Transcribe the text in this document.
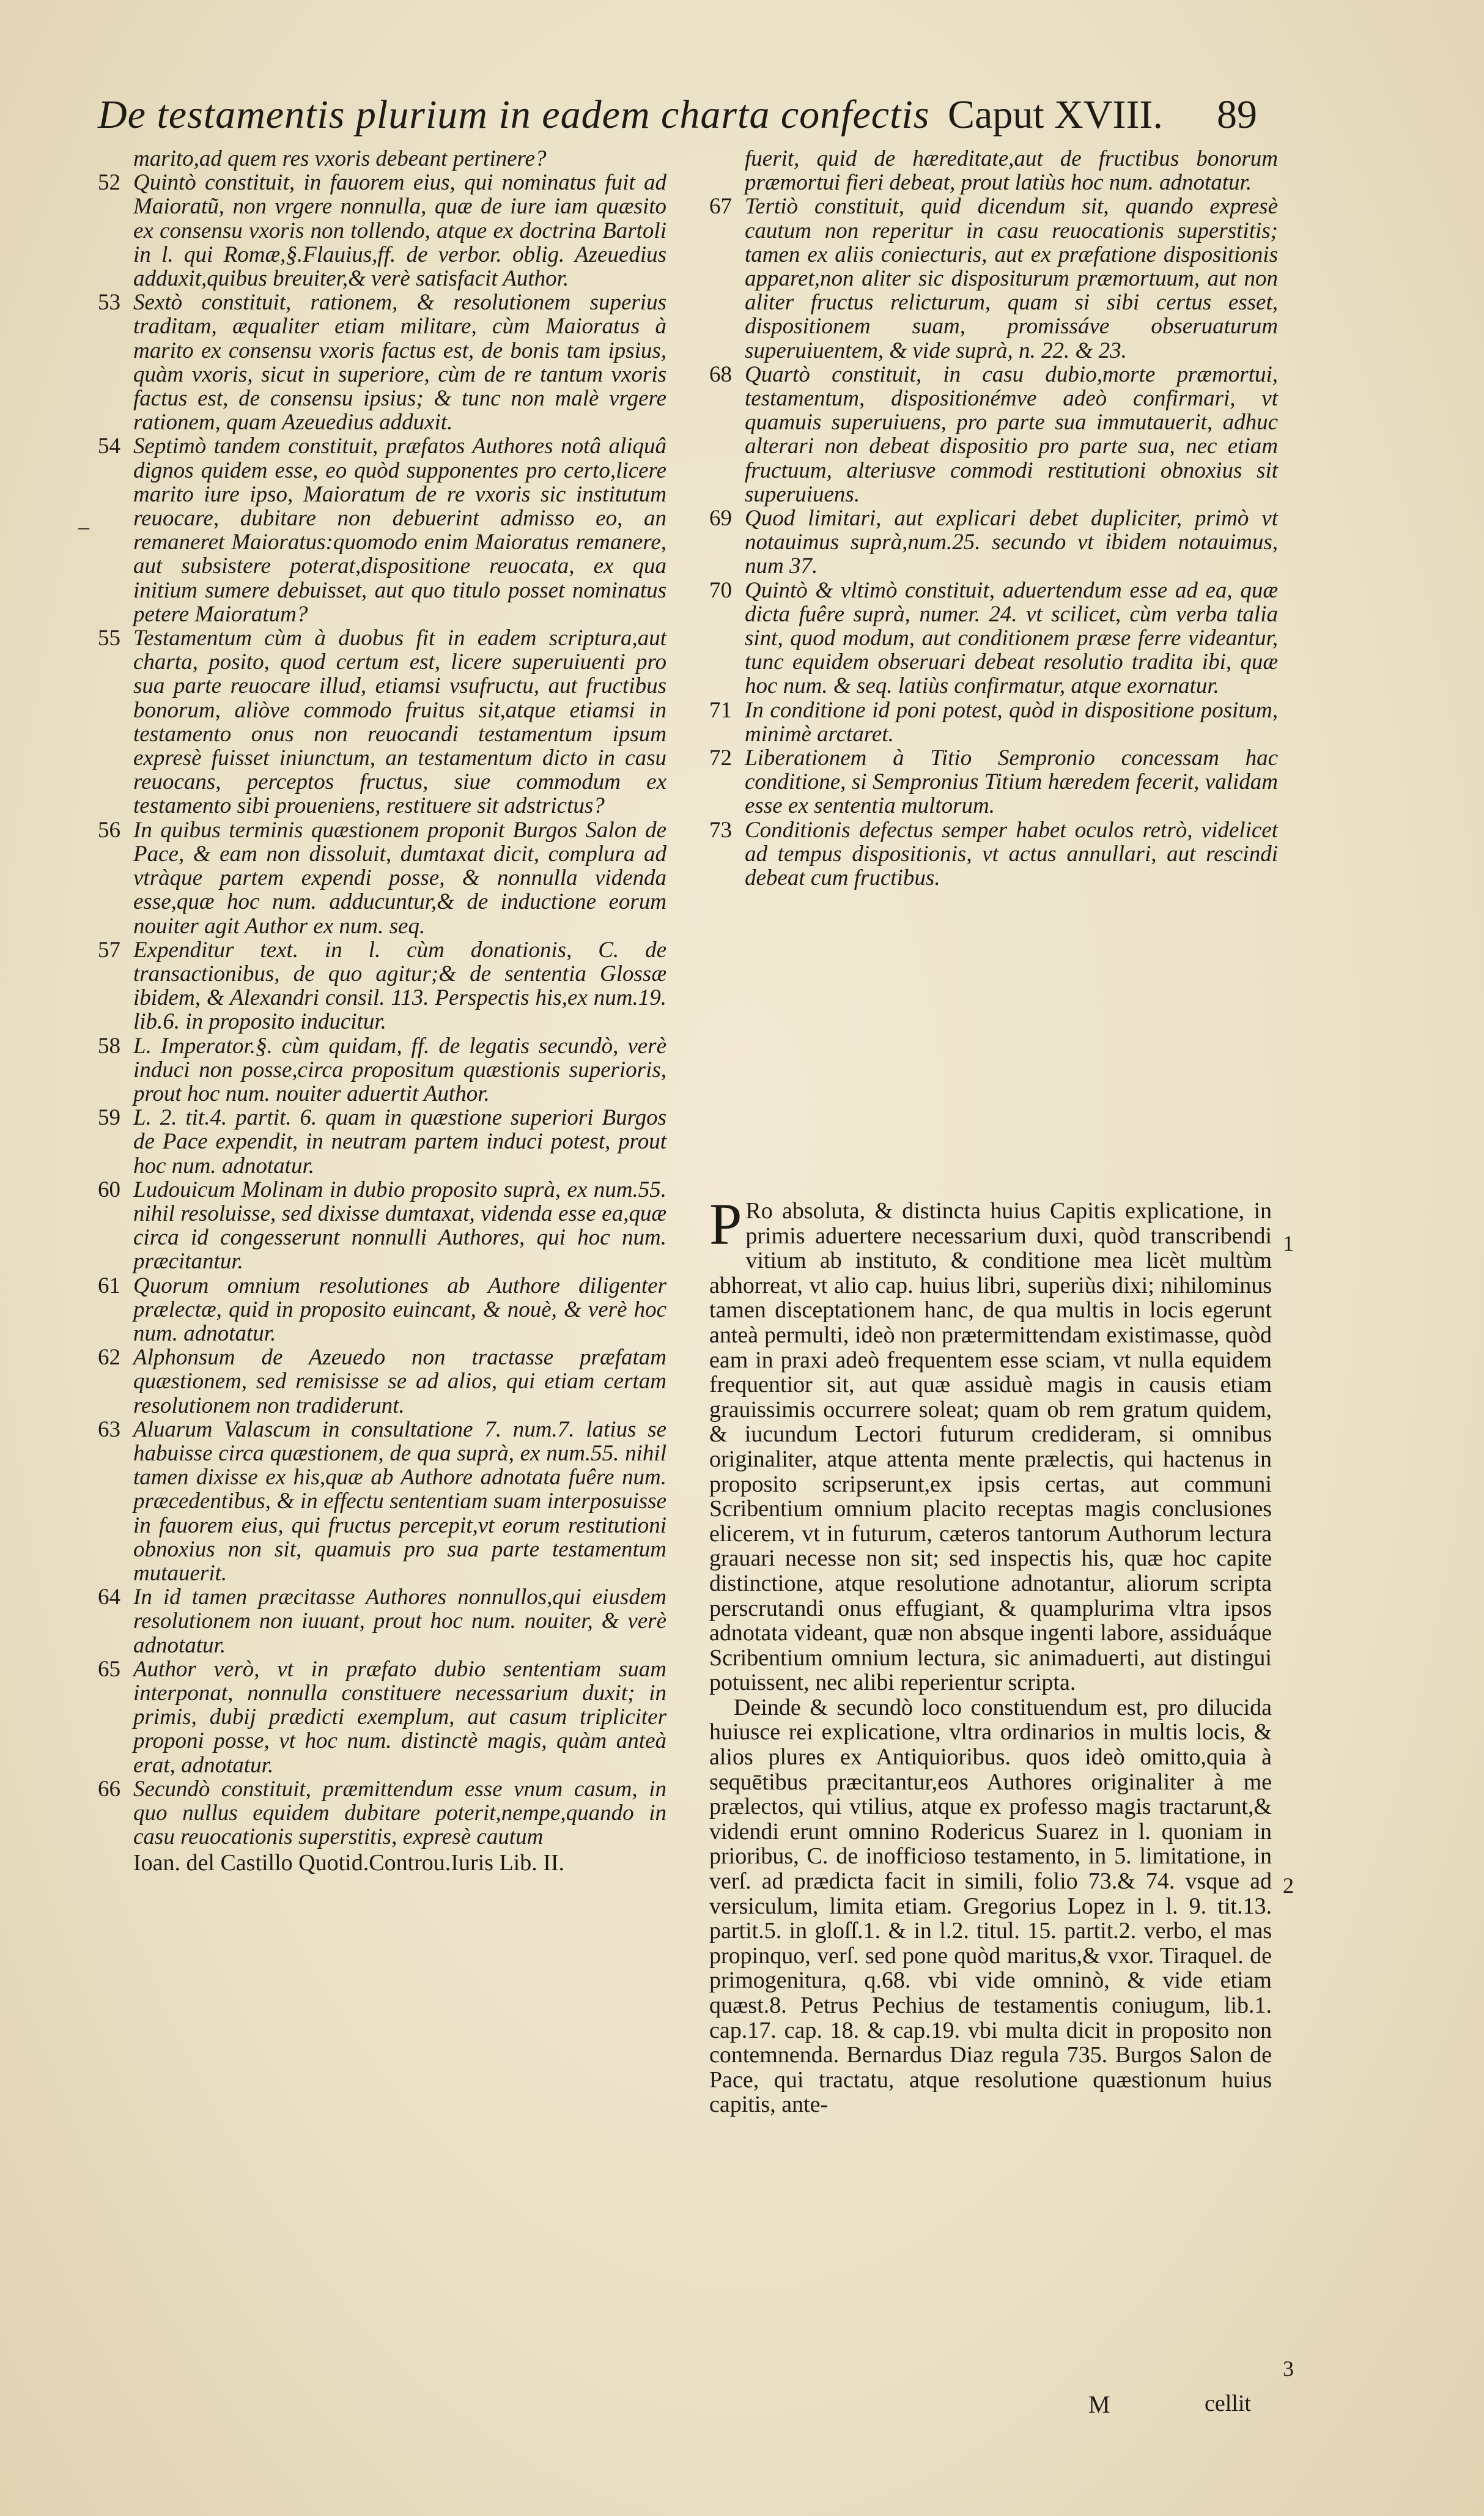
De testamentis plurium in eadem charta confectis Caput XVIII. 89
–
marito,ad quem res vxoris debeant pertinere?
52 Quintò constituit, in fauorem eius, qui nominatus fuit ad Maioratũ, non vrgere nonnulla, quæ de iure iam quæsito ex consensu vxoris non tollendo, atque ex doctrina Bartoli in l. qui Romæ,§.Flauius,ff. de verbor. oblig. Azeuedius adduxit,quibus breuiter,& verè satisfacit Author.
53 Sextò constituit, rationem, & resolutionem superius traditam, æqualiter etiam militare, cùm Maioratus à marito ex consensu vxoris factus est, de bonis tam ipsius, quàm vxoris, sicut in superiore, cùm de re tantum vxoris factus est, de consensu ipsius; & tunc non malè vrgere rationem, quam Azeuedius adduxit.
54 Septimò tandem constituit, præfatos Authores notâ aliquâ dignos quidem esse, eo quòd supponentes pro certo,licere marito iure ipso, Maioratum de re vxoris sic institutum reuocare, dubitare non debuerint admisso eo, an remaneret Maioratus:quomodo enim Maioratus remanere, aut subsistere poterat,dispositione reuocata, ex qua initium sumere debuisset, aut quo titulo posset nominatus petere Maioratum?
55 Testamentum cùm à duobus fit in eadem scriptura,aut charta, posito, quod certum est, licere superuiuenti pro sua parte reuocare illud, etiamsi vsufructu, aut fructibus bonorum, aliòve commodo fruitus sit,atque etiamsi in testamento onus non reuocandi testamentum ipsum expresè fuisset iniunctum, an testamentum dicto in casu reuocans, perceptos fructus, siue commodum ex testamento sibi prouenienѕ, restituere sit adstrictus?
56 In quibus terminis quæstionem proponit Burgos Salon de Pace, & eam non dissoluit, dumtaxat dicit, complura ad vtràque partem expendi posse, & nonnulla videnda esse,quæ hoc num. adducuntur,& de inductione eorum nouiter agit Author ex num. seq.
57 Expenditur text. in l. cùm donationis, C. de transactionibus, de quo agitur;& de sententia Glossæ ibidem, & Alexandri consil. 113. Perspectis his,ex num.19. lib.6. in proposito inducitur.
58 L. Imperator.§. cùm quidam, ff. de legatis secundò, verè induci non posse,circa propositum quæstionis superioris, prout hoc num. nouiter aduertit Author.
59 L. 2. tit.4. partit. 6. quam in quæstione superiori Burgos de Pace expendit, in neutram partem induci potest, prout hoc num. adnotatur.
60 Ludouicum Molinam in dubio proposito suprà, ex num.55. nihil resoluisse, sed dixisse dumtaxat, videnda esse ea,quæ circa id congesserunt nonnulli Authores, qui hoc num. præcitantur.
61 Quorum omnium resolutiones ab Authore diligenter prælectæ, quid in proposito euincant, & nouè, & verè hoc num. adnotatur.
62 Alphonsum de Azeuedo non tractasse præfatam quæstionem, sed remisisse se ad alios, qui etiam certam resolutionem non tradiderunt.
63 Aluarum Valascum in consultatione 7. num.7. latius se habuisse circa quæstionem, de qua suprà, ex num.55. nihil tamen dixisse ex his,quæ ab Authore adnotata fuêre num. præcedentibus, & in effectu sententiam suam interposuisse in fauorem eius, qui fructus percepit,vt eorum restitutioni obnoxius non sit, quamuis pro sua parte testamentum mutauerit.
64 In id tamen præcitasse Authores nonnullos,qui eiusdem resolutionem non iuuant, prout hoc num. nouiter, & verè adnotatur.
65 Author verò, vt in præfato dubio sententiam suam interponat, nonnulla constituere necessarium duxit; in primis, dubij prædicti exemplum, aut casum tripliciter proponi posse, vt hoc num. distinctè magis, quàm anteà erat, adnotatur.
66 Secundò constituit, præmittendum esse vnum casum, in quo nullus equidem dubitare poterit,nempe,quando in casu reuocationis superstitis, expresè cautum
Ioan. del Castillo Quotid.Controu.Iuris Lib. II.
fuerit, quid de hæreditate,aut de fructibus bonorum præmortui fieri debeat, prout latiùs hoc num. adnotatur.
67 Tertiò constituit, quid dicendum sit, quando expresè cautum non reperitur in casu reuocationis superstitis; tamen ex aliis coniecturis, aut ex præfatione dispositionis apparet,non aliter sic dispositurum præmortuum, aut non aliter fructus relicturum, quam si sibi certus esset, dispositionem suam, promissáve obseruaturum superuiuentem, & vide suprà, n. 22. & 23.
68 Quartò constituit, in casu dubio,morte præmortui, testamentum, dispositionémve adeò confirmari, vt quamuis superuiuens, pro parte sua immutauerit, adhuc alterari non debeat dispositio pro parte sua, nec etiam fructuum, alteriusve commodi restitutioni obnoxius sit superuiuens.
69 Quod limitari, aut explicari debet dupliciter, primò vt notauimus suprà,num.25. secundo vt ibidem notauimus, num 37.
70 Quintò & vltimò constituit, aduertendum esse ad ea, quæ dicta fuêre suprà, numer. 24. vt scilicet, cùm verba talia sint, quod modum, aut conditionem præse ferre videantur, tunc equidem obseruari debeat resolutio tradita ibi, quæ hoc num. & seq. latiùs confirmatur, atque exornatur.
71 In conditione id poni potest, quòd in dispositione positum, minimè arctaret.
72 Liberationem à Titio Sempronio concessam hac conditione, si Sempronius Titium hæredem fecerit, validam esse ex sententia multorum.
73 Conditionis defectus semper habet oculos retrò, videlicet ad tempus dispositionis, vt actus annullari, aut rescindi debeat cum fructibus.

P Ro absoluta, & distincta huius Capitis explicatione, in primis aduertere necessarium duxi, quòd transcribendi vitium ab instituto, & conditione mea licèt multùm abhorreat, vt alio cap. huius libri, superiùs dixi; nihilominus tamen disceptationem hanc, de qua multis in locis egerunt anteà permulti, ideò non prætermittendam existimasse, quòd eam in praxi adeò frequentem esse sciam, vt nulla equidem frequentior sit, aut quæ assiduè magis in causis etiam grauissimis occurrere soleat; quam ob rem gratum quidem, & iucundum Lectori futurum credideram, si omnibus originaliter, atque attenta mente prælectis, qui hactenus in proposito scripserunt,ex ipsis certas, aut communi Scribentium omnium placito receptas magis conclusiones elicerem, vt in futurum, cæteros tantorum Authorum lectura grauari necesse non sit; sed inspectis his, quæ hoc capite distinctione, atque resolutione adnotantur, aliorum scripta perscrutandi onus effugiant, & quamplurima vltra ipsos adnotata videant, quæ non absque ingenti labore, assiduáque Scribentium omnium lectura, sic animaduerti, aut distingui potuissent, nec alibi reperientur scripta.

Deinde & secundò loco constituendum est, pro dilucida huiusce rei explicatione, vltra ordinarios in multis locis, & alios plures ex Antiquioribus. quos ideò omitto,quia à sequētibus præcitantur,eos Authores originaliter à me prælectos, qui vtilius, atque ex professo magis tractarunt,& videndi erunt omnino Rodericus Suarez in l. quoniam in prioribus, C. de inofficioso testamento, in 5. limitatione, in verſ. ad prædicta facit in simili, folio 73.& 74. vsque ad versiculum, limita etiam. Gregorius Lopez in l. 9. tit.13. partit.5. in gloſſ.1. & in l.2. titul. 15. partit.2. verbo, el mas propinquo, verſ. sed pone quòd maritus,& vxor. Tiraquel. de primogenitura, q.68. vbi vide omninò, & vide etiam quæst.8. Petrus Pechius de testamentis coniugum, lib.1. cap.17. cap. 18. & cap.19. vbi multa dicit in proposito non contemnenda. Bernardus Diaz regula 735. Burgos Salon de Pace, qui tractatu, atque resolutione quæstionum huius capitis, ante-

1
2
3
M	cellit
